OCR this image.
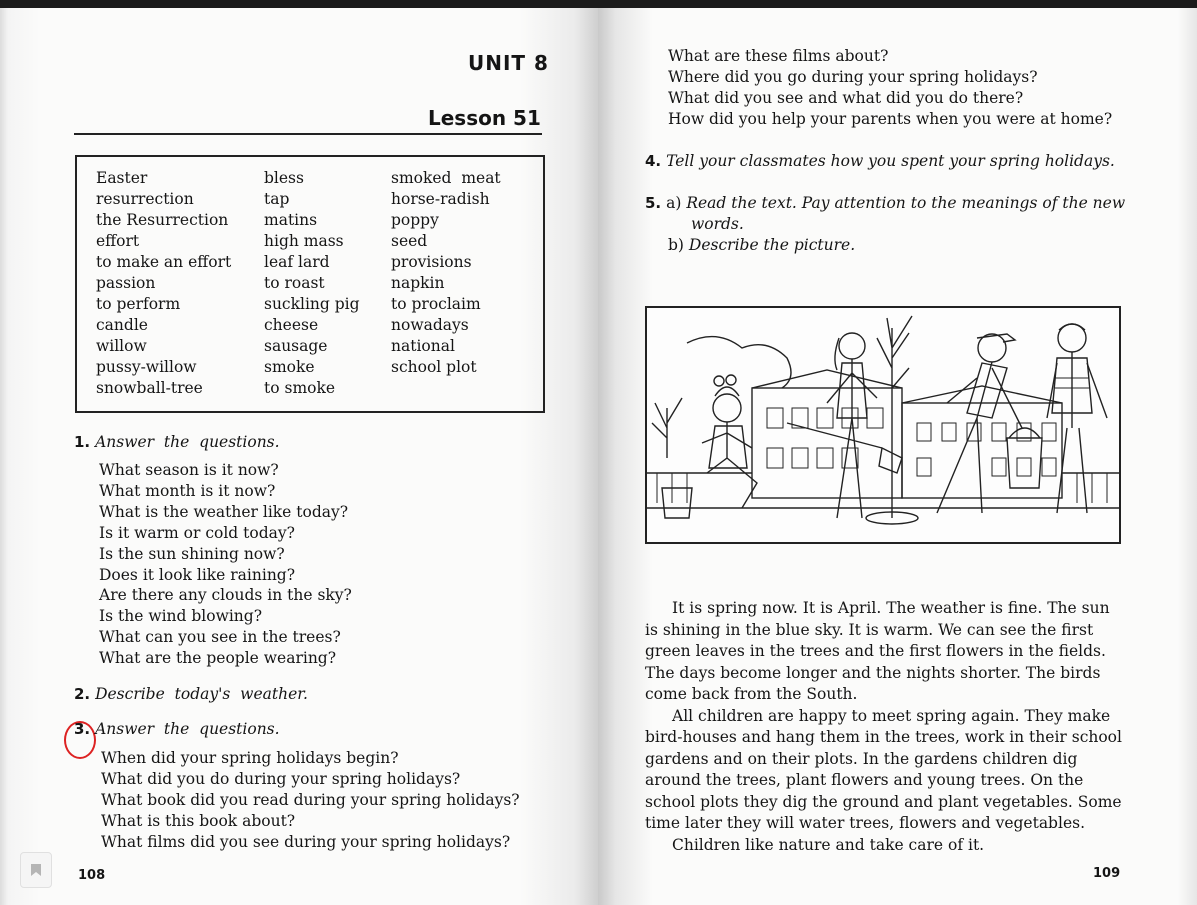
UNIT 8
Lesson 51
Easter
resurrection
the Resurrection
effort
to make an effort
passion
to perform
candle
willow
pussy-willow
snowball-tree
bless
tap
matins
high mass
leaf lard
to roast
suckling pig
cheese
sausage
smoke
to smoke
smoked  meat
horse-radish
poppy
seed
provisions
napkin
to proclaim
nowadays
national
school plot
1. Answer  the  questions.
What season is it now?
What month is it now?
What is the weather like today?
Is it warm or cold today?
Is the sun shining now?
Does it look like raining?
Are there any clouds in the sky?
Is the wind blowing?
What can you see in the trees?
What are the people wearing?
2. Describe  today's  weather.
3. Answer  the  questions.
When did your spring holidays begin?
What did you do during your spring holidays?
What book did you read during your spring holidays?
What is this book about?
What films did you see during your spring holidays?
108
What are these films about?
Where did you go during your spring holidays?
What did you see and what did you do there?
How did you help your parents when you were at home?
4. Tell your classmates how you spent your spring holidays.
5. a) Read the text. Pay attention to the meanings of the new
words.
b) Describe the picture.
It is spring now. It is April. The weather is fine. The sun
is shining in the blue sky. It is warm. We can see the first
green leaves in the trees and the first flowers in the fields.
The days become longer and the nights shorter. The birds
come back from the South.
All children are happy to meet spring again. They make
bird-houses and hang them in the trees, work in their school
gardens and on their plots. In the gardens children dig
around the trees, plant flowers and young trees. On the
school plots they dig the ground and plant vegetables. Some
time later they will water trees, flowers and vegetables.
Children like nature and take care of it.
109
